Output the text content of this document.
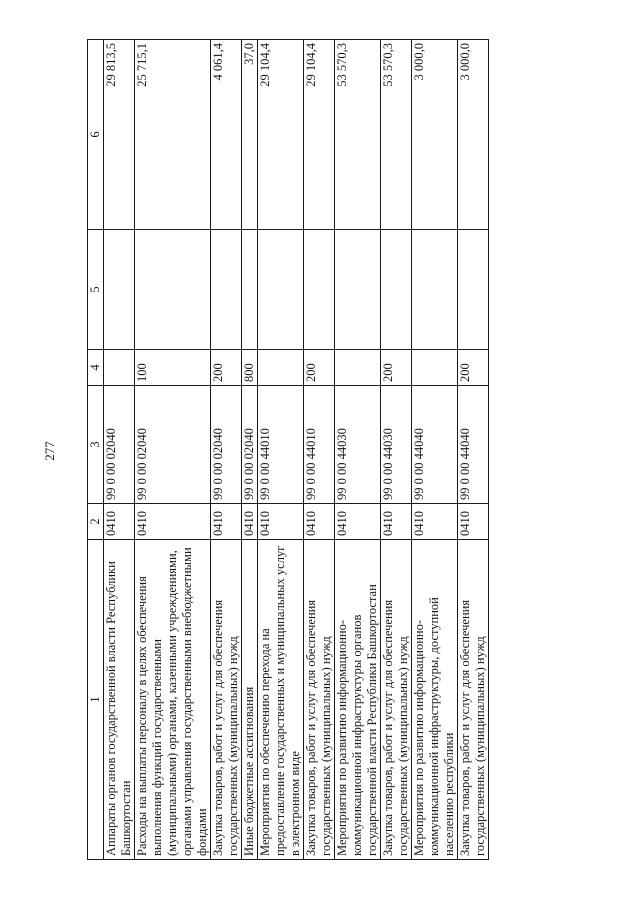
277
1	2	3	4	5	6
Аппараты органов государственной власти Республики Башкортостан	0410	99 0 00 02040			29 813,5
Расходы на выплаты персоналу в целях обеспечения выполнения функций государственными (муниципальными) органами, казенными учреждениями, органами управления государственными внебюджетными фондами	0410	99 0 00 02040	100		25 715,1
Закупка товаров, работ и услуг для обеспечения государственных (муниципальных) нужд	0410	99 0 00 02040	200		4 061,4
Иные бюджетные ассигнования	0410	99 0 00 02040	800		37,0
Мероприятия по обеспечению перехода на предоставление государственных и муниципальных услуг в электронном виде	0410	99 0 00 44010			29 104,4
Закупка товаров, работ и услуг для обеспечения государственных (муниципальных) нужд	0410	99 0 00 44010	200		29 104,4
Мероприятия по развитию информационно-коммуникационной инфраструктуры органов государственной власти Республики Башкортостан	0410	99 0 00 44030			53 570,3
Закупка товаров, работ и услуг для обеспечения государственных (муниципальных) нужд	0410	99 0 00 44030	200		53 570,3
Мероприятия по развитию информационно-коммуникационной инфраструктуры, доступной населению республики	0410	99 0 00 44040			3 000,0
Закупка товаров, работ и услуг для обеспечения государственных (муниципальных) нужд	0410	99 0 00 44040	200		3 000,0
